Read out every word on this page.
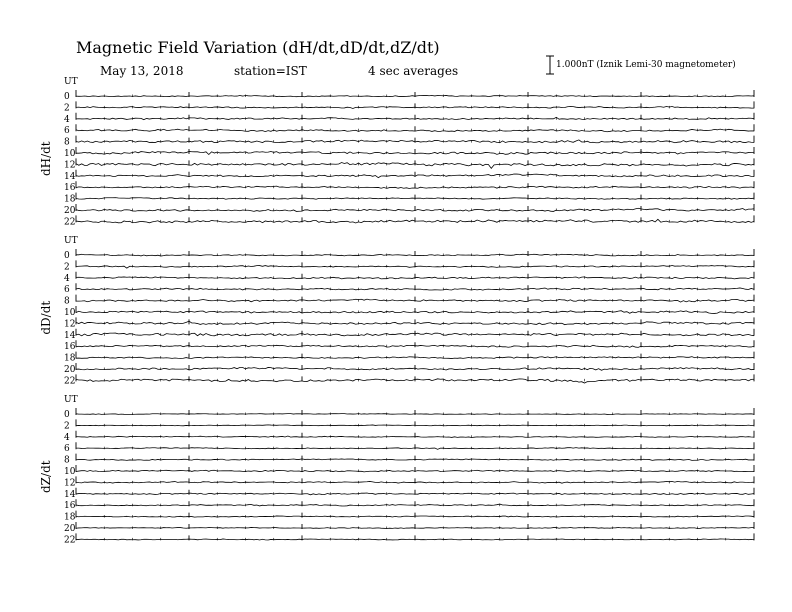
Magnetic Field Variation (dH/dt,dD/dt,dZ/dt)
May 13, 2018	station=IST	4 sec averages	1.000nT (Iznik Lemi-30 magnetometer)
UT
dH/dt
0
2
4
6
8
10
12
14
16
18
20
22
UT
dD/dt
0
2
4
6
8
10
12
14
16
18
20
22
UT
dZ/dt
0
2
4
6
8
10
12
14
16
18
20
22
